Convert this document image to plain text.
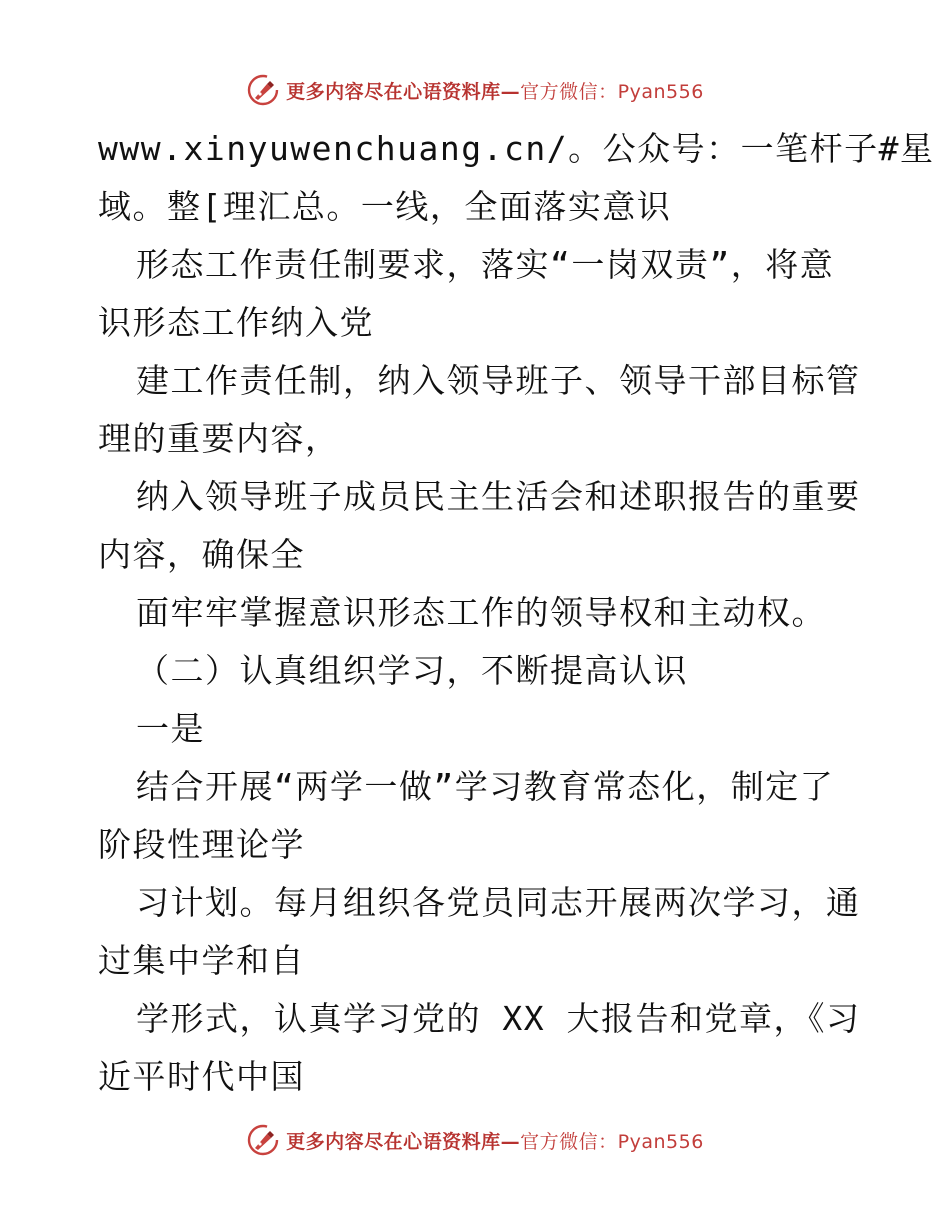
更多内容尽在心语资料库—官方微信：Pyan556
www.xinyuwenchuang.cn/。公众号：一笔杆子#星
域。整[理汇总。一线，全面落实意识
形态工作责任制要求，落实“一岗双责”，将意
识形态工作纳入党
建工作责任制，纳入领导班子、领导干部目标管
理的重要内容，
纳入领导班子成员民主生活会和述职报告的重要
内容，确保全
面牢牢掌握意识形态工作的领导权和主动权。
（二）认真组织学习，不断提高认识
一是
结合开展“两学一做”学习教育常态化，制定了
阶段性理论学
习计划。每月组织各党员同志开展两次学习，通
过集中学和自
学形式，认真学习党的 XX 大报告和党章，《习
近平时代中国
更多内容尽在心语资料库—官方微信：Pyan556
